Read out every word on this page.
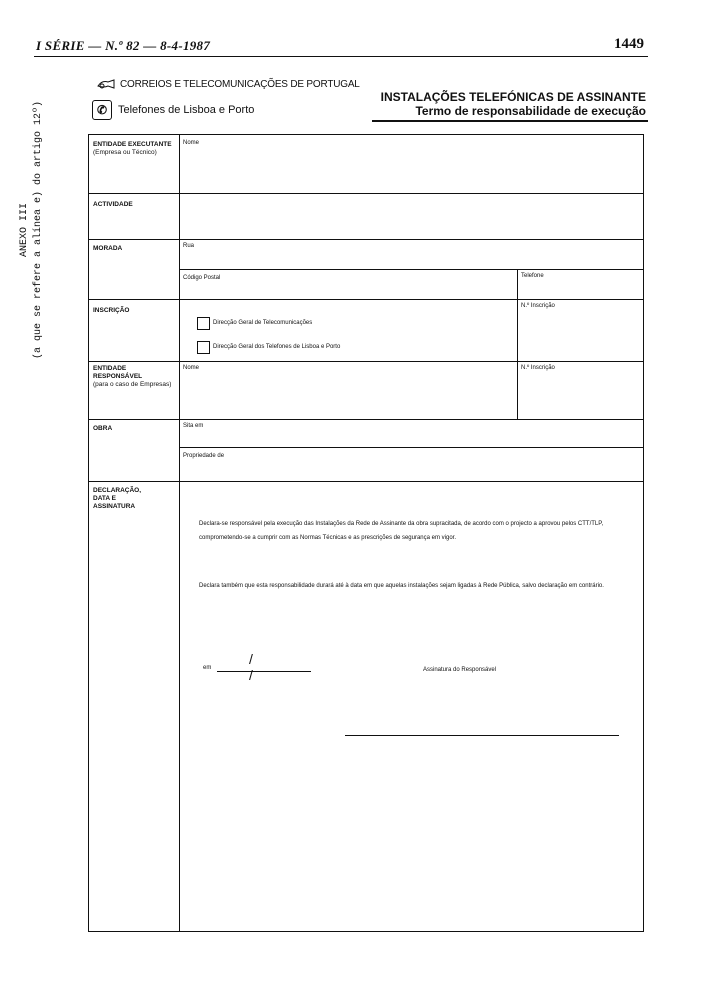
I SÉRIE — N.º 82 — 8-4-1987	1449
CORREIOS E TELECOMUNICAÇÕES DE PORTUGAL
✆ Telefones de Lisboa e Porto
INSTALAÇÕES TELEFÓNICAS DE ASSINANTE
Termo de responsabilidade de execução
ANEXO III (a que se refere a alínea e) do artigo 12º)	ENTIDADE EXECUTANTE
(Empresa ou Técnico)
Nome
ACTIVIDADE
MORADA	Rua
Código Postal	Telefone
INSCRIÇÃO
Direcção Geral de Telecomunicações
Direcção Geral dos Telefones de Lisboa e Porto
N.º Inscrição
ENTIDADE RESPONSÁVEL
(para o caso de Empresas)
Nome	N.º Inscrição
OBRA	Sita em
Propriedade de
DECLARAÇÃO, DATA E ASSINATURA
Declara-se responsável pela execução das Instalações da Rede de Assinante da obra supracitada, de acordo com o projecto a aprovou pelos CTT/TLP, comprometendo-se a cumprir com as Normas Técnicas e as prescrições de segurança em vigor.
Declara também que esta responsabilidade durará até à data em que aquelas instalações sejam ligadas à Rede Pública, salvo declaração em contrário.
em
/ /	Assinatura do Responsável
